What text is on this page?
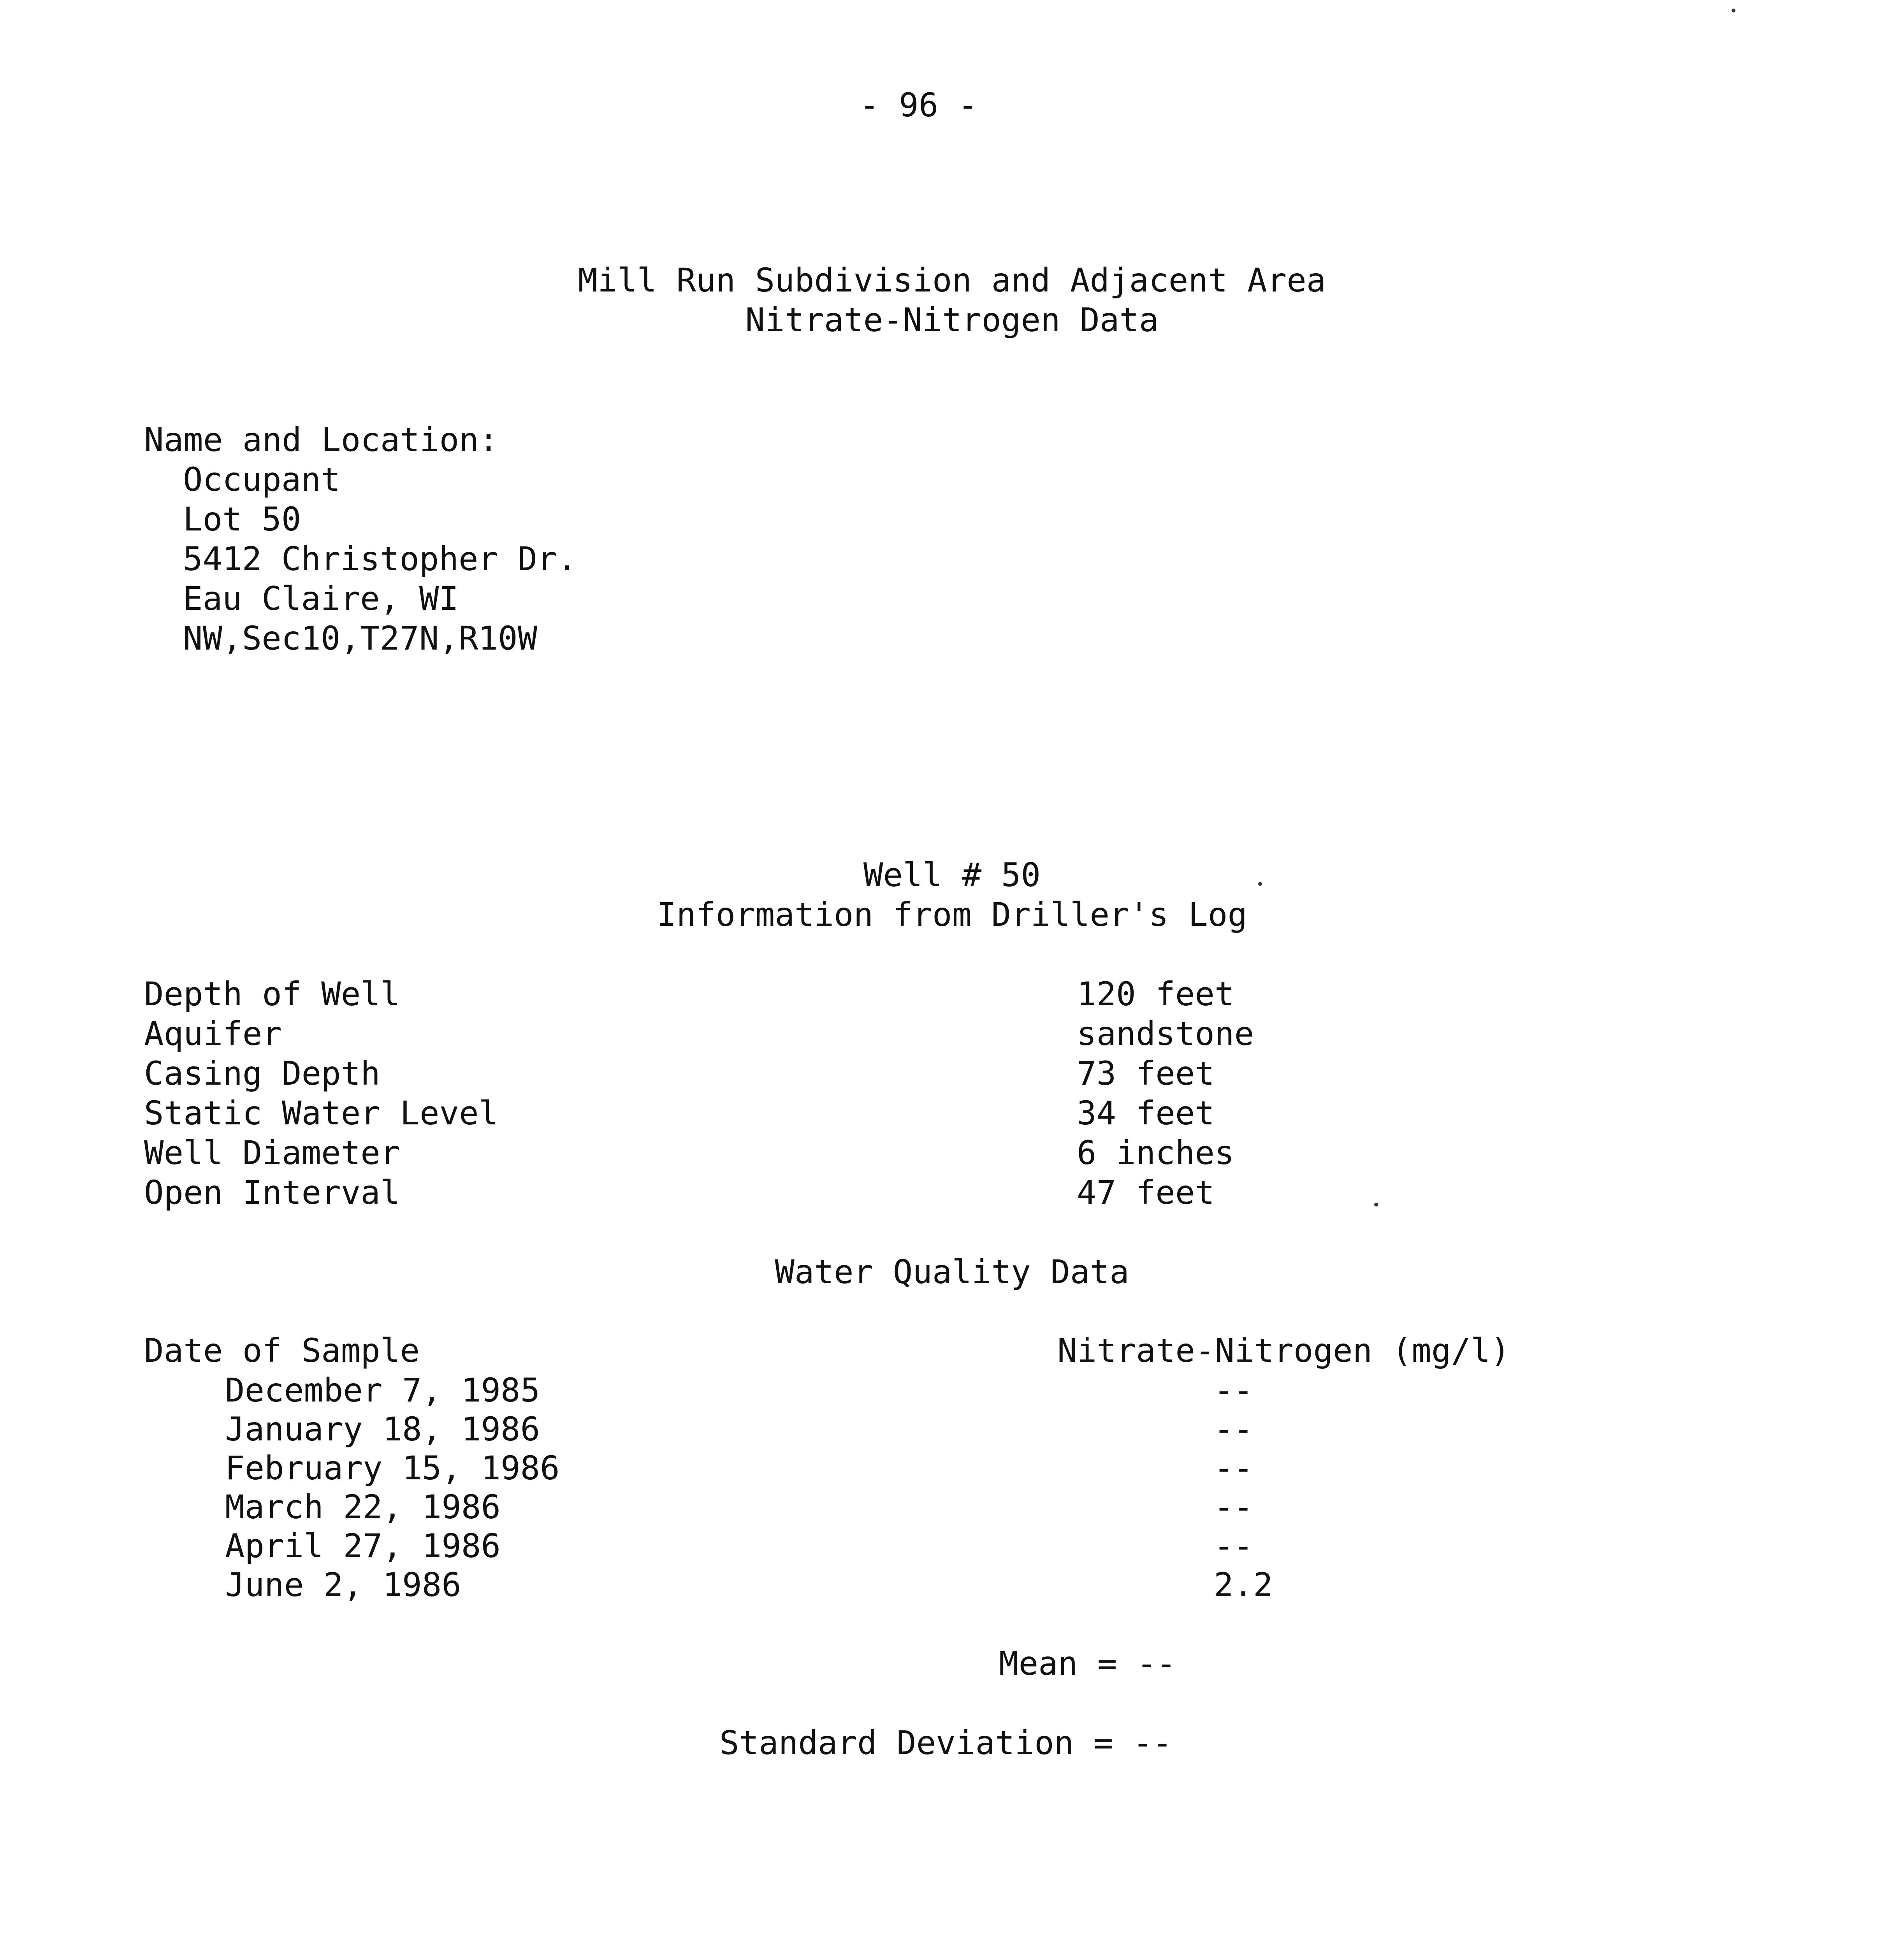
- 96 -
Mill Run Subdivision and Adjacent Area
Nitrate-Nitrogen Data
Name and Location:
Occupant
Lot 50
5412 Christopher Dr.
Eau Claire, WI
NW,Sec10,T27N,R10W
Well # 50
Information from Driller's Log
Depth of Well	120 feet
Aquifer	sandstone
Casing Depth	73 feet
Static Water Level	34 feet
Well Diameter	6 inches
Open Interval	47 feet
Water Quality Data
Date of Sample	Nitrate-Nitrogen (mg/l)
December 7, 1985	--
January 18, 1986	--
February 15, 1986	--
March 22, 1986	--
April 27, 1986	--
June 2, 1986	2.2
Mean = --
Standard Deviation = --
